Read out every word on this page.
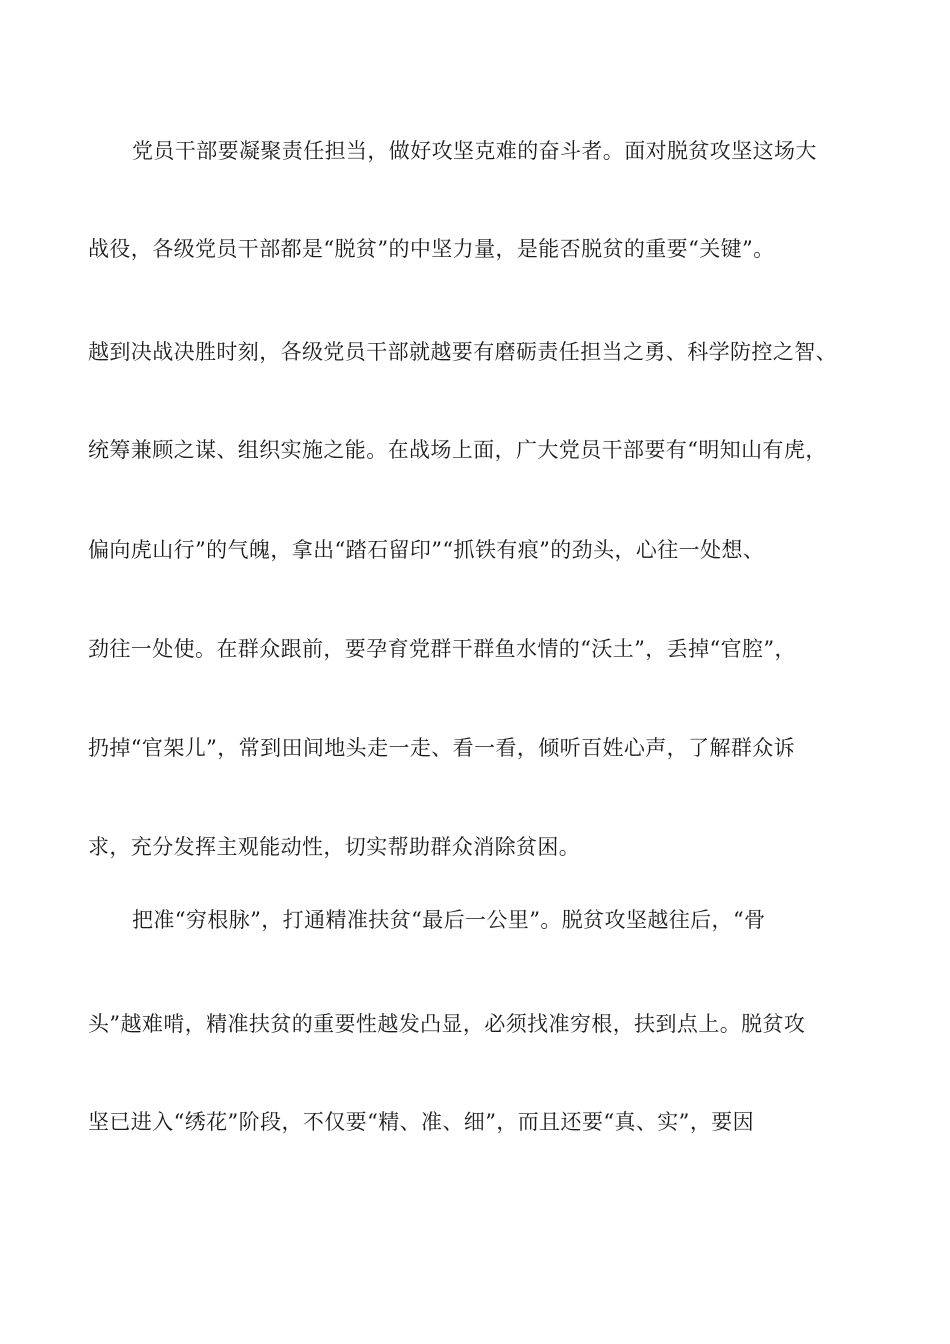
党员干部要凝聚责任担当，做好攻坚克难的奋斗者。面对脱贫攻坚这场大
战役，各级党员干部都是“脱贫”的中坚力量，是能否脱贫的重要“关键”。
越到决战决胜时刻，各级党员干部就越要有磨砺责任担当之勇、科学防控之智、
统筹兼顾之谋、组织实施之能。在战场上面，广大党员干部要有“明知山有虎，
偏向虎山行”的气魄，拿出“踏石留印”“抓铁有痕”的劲头，心往一处想、
劲往一处使。在群众跟前，要孕育党群干群鱼水情的“沃土”，丢掉“官腔”，
扔掉“官架儿”，常到田间地头走一走、看一看，倾听百姓心声，了解群众诉
求，充分发挥主观能动性，切实帮助群众消除贫困。
把准“穷根脉”，打通精准扶贫“最后一公里”。脱贫攻坚越往后，“骨
头”越难啃，精准扶贫的重要性越发凸显，必须找准穷根，扶到点上。脱贫攻
坚已进入“绣花”阶段，不仅要“精、准、细”，而且还要“真、实”，要因
